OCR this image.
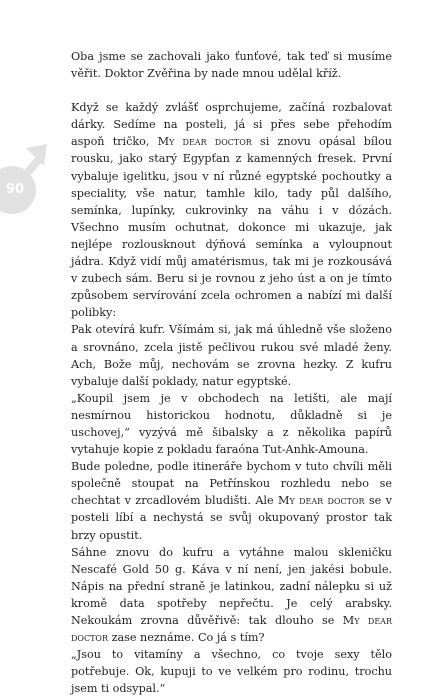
90

Oba jsme se zachovali jako ťunťové, tak teď si musíme věřit. Doktor Zvěřina by nade mnou udělal kříž.

Když se každý zvlášť osprchujeme, začíná rozbalovat dárky. Sedíme na posteli, já si přes sebe přehodím aspoň tričko, My dear doctor si znovu opásal bílou rousku, jako starý Egypťan z kamenných fresek. První vybaluje igelitku, jsou v ní různé egyptské pochoutky a speciality, vše natur, tamhle kilo, tady půl dalšího, semínka, lupínky, cukrovinky na váhu i v dózách. Všechno musím ochutnat, dokonce mi ukazuje, jak nejlépe rozlousknout dýňová semínka a vyloupnout jádra. Když vidí můj amatérismus, tak mi je rozkousává v zubech sám. Beru si je rovnou z jeho úst a on je tímto způsobem servírování zcela ochromen a nabízí mi další polibky:

Pak otevírá kufr. Všímám si, jak má úhledně vše složeno a srovnáno, zcela jistě pečlivou rukou své mladé ženy. Ach, Bože můj, nechovám se zrovna hezky. Z kufru vybaluje další poklady, natur egyptské.

„Koupil jsem je v obchodech na letišti, ale mají nesmírnou historickou hodnotu, důkladně si je uschovej,“ vyzývá mě šibalsky a z několika papírů vytahuje kopie z pokladu faraóna Tut-Anhk-Amouna.

Bude poledne, podle itineráře bychom v tuto chvíli měli společně stoupat na Petřínskou rozhledu nebo se chechtat v zrcadlovém bludišti. Ale My dear doctor se v posteli líbí a nechystá se svůj okupovaný prostor tak brzy opustit.

Sáhne znovu do kufru a vytáhne malou skleničku Nescafé Gold 50 g. Káva v ní není, jen jakési bobule. Nápis na přední straně je latinkou, zadní nálepku si už kromě data spotřeby nepřečtu. Je celý arabsky. Nekoukám zrovna důvěřivě: tak dlouho se My dear doctor zase neznáme. Co já s tím?

„Jsou to vitamíny a všechno, co tvoje sexy tělo potřebuje. Ok, kupuji to ve velkém pro rodinu, trochu jsem ti odsypal.“
